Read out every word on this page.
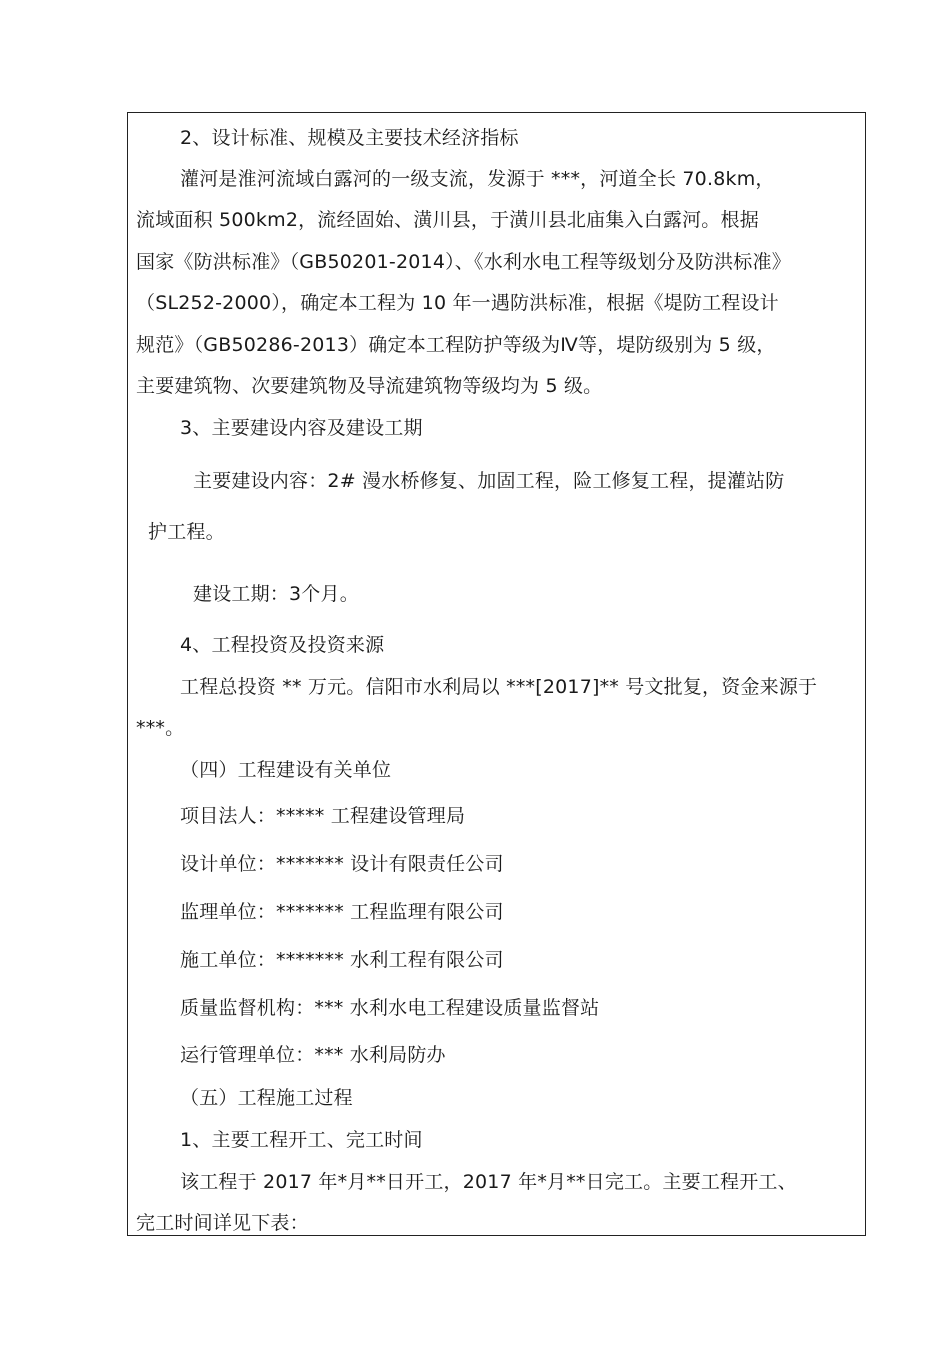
2、设计标准、规模及主要技术经济指标
灌河是淮河流域白露河的一级支流，发源于 ***，河道全长 70.8km，
流域面积 500km2，流经固始、潢川县，于潢川县北庙集入白露河。根据
国家《防洪标准》（GB50201-2014）、《水利水电工程等级划分及防洪标准》
（SL252-2000），确定本工程为 10 年一遇防洪标准，根据《堤防工程设计
规范》（GB50286-2013）确定本工程防护等级为Ⅳ等，堤防级别为 5 级，
主要建筑物、次要建筑物及导流建筑物等级均为 5 级。
3、主要建设内容及建设工期
主要建设内容：2# 漫水桥修复、加固工程，险工修复工程，提灌站防
护工程。
建设工期：3个月。
4、工程投资及投资来源
工程总投资 ** 万元。信阳市水利局以 ***[2017]** 号文批复，资金来源于
***。
（四）工程建设有关单位
项目法人：***** 工程建设管理局
设计单位：******* 设计有限责任公司
监理单位：******* 工程监理有限公司
施工单位：******* 水利工程有限公司
质量监督机构：*** 水利水电工程建设质量监督站
运行管理单位：*** 水利局防办
（五）工程施工过程
1、主要工程开工、完工时间
该工程于 2017 年*月**日开工，2017 年*月**日完工。主要工程开工、
完工时间详见下表：
